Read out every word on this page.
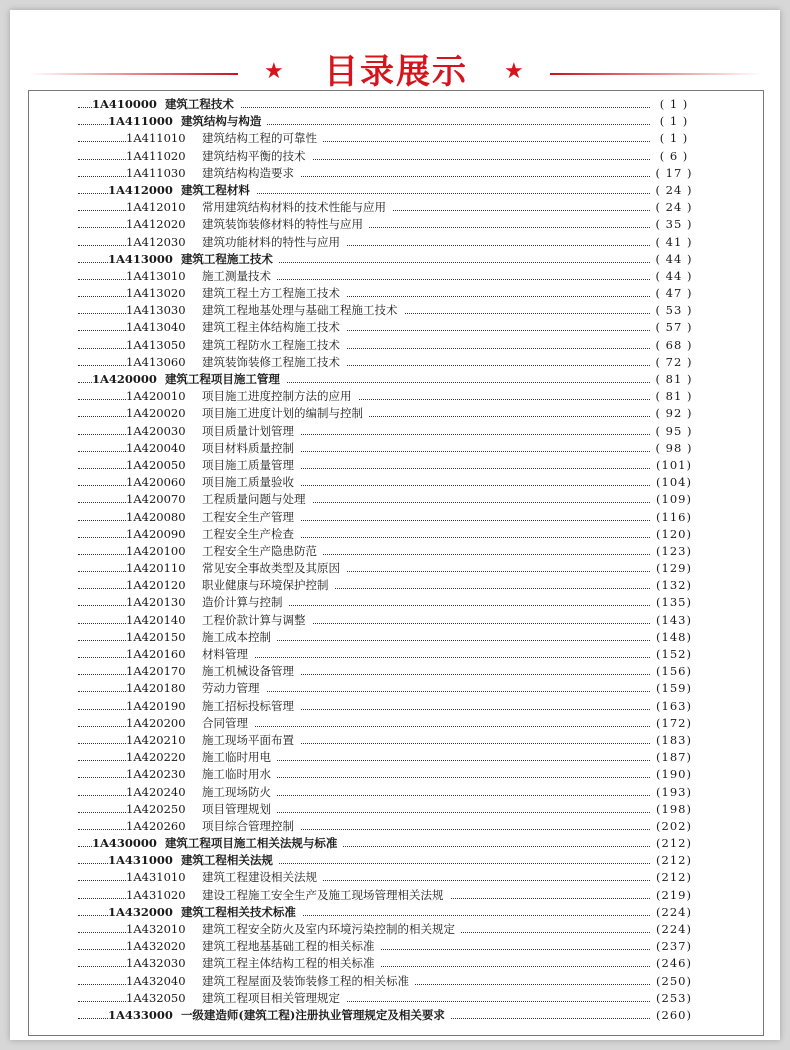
★	目录展示	★
1A410000 建筑工程技术	( 1 )
1A411000 建筑结构与构造	( 1 )
1A411010 建筑结构工程的可靠性	( 1 )
1A411020 建筑结构平衡的技术	( 6 )
1A411030 建筑结构构造要求	( 17 )
1A412000 建筑工程材料	( 24 )
1A412010 常用建筑结构材料的技术性能与应用	( 24 )
1A412020 建筑装饰装修材料的特性与应用	( 35 )
1A412030 建筑功能材料的特性与应用	( 41 )
1A413000 建筑工程施工技术	( 44 )
1A413010 施工测量技术	( 44 )
1A413020 建筑工程土方工程施工技术	( 47 )
1A413030 建筑工程地基处理与基础工程施工技术	( 53 )
1A413040 建筑工程主体结构施工技术	( 57 )
1A413050 建筑工程防水工程施工技术	( 68 )
1A413060 建筑装饰装修工程施工技术	( 72 )
1A420000 建筑工程项目施工管理	( 81 )
1A420010 项目施工进度控制方法的应用	( 81 )
1A420020 项目施工进度计划的编制与控制	( 92 )
1A420030 项目质量计划管理	( 95 )
1A420040 项目材料质量控制	( 98 )
1A420050 项目施工质量管理	(101)
1A420060 项目施工质量验收	(104)
1A420070 工程质量问题与处理	(109)
1A420080 工程安全生产管理	(116)
1A420090 工程安全生产检查	(120)
1A420100 工程安全生产隐患防范	(123)
1A420110 常见安全事故类型及其原因	(129)
1A420120 职业健康与环境保护控制	(132)
1A420130 造价计算与控制	(135)
1A420140 工程价款计算与调整	(143)
1A420150 施工成本控制	(148)
1A420160 材料管理	(152)
1A420170 施工机械设备管理	(156)
1A420180 劳动力管理	(159)
1A420190 施工招标投标管理	(163)
1A420200 合同管理	(172)
1A420210 施工现场平面布置	(183)
1A420220 施工临时用电	(187)
1A420230 施工临时用水	(190)
1A420240 施工现场防火	(193)
1A420250 项目管理规划	(198)
1A420260 项目综合管理控制	(202)
1A430000 建筑工程项目施工相关法规与标准	(212)
1A431000 建筑工程相关法规	(212)
1A431010 建筑工程建设相关法规	(212)
1A431020 建设工程施工安全生产及施工现场管理相关法规	(219)
1A432000 建筑工程相关技术标准	(224)
1A432010 建筑工程安全防火及室内环境污染控制的相关规定	(224)
1A432020 建筑工程地基基础工程的相关标准	(237)
1A432030 建筑工程主体结构工程的相关标准	(246)
1A432040 建筑工程屋面及装饰装修工程的相关标准	(250)
1A432050 建筑工程项目相关管理规定	(253)
1A433000 一级建造师(建筑工程)注册执业管理规定及相关要求	(260)
